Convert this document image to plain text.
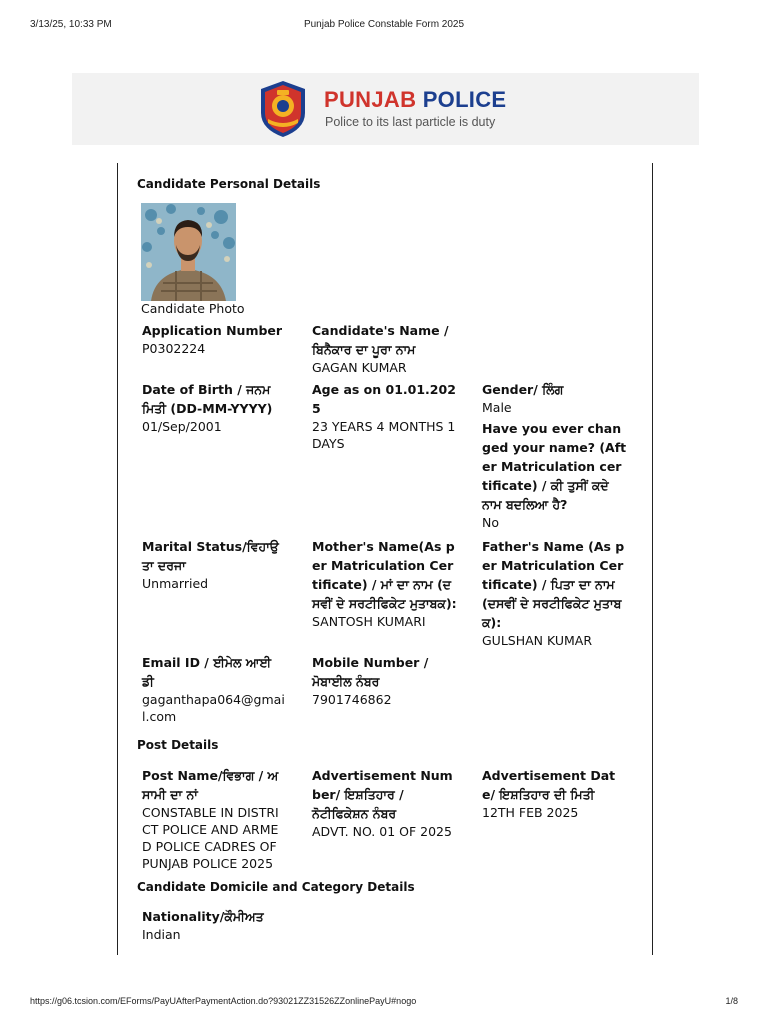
3/13/25, 10:33 PM	Punjab Police Constable Form 2025
PUNJAB POLICE
Police to its last particle is duty
Candidate Personal Details
Candidate Photo
Application Number
P0302224
Candidate's Name / ਬਿਨੈਕਾਰ ਦਾ ਪੂਰਾ ਨਾਮ
GAGAN KUMAR
Date of Birth / ਜਨਮ ਮਿਤੀ (DD-MM-YYYY)
01/Sep/2001
Age as on 01.01.2025
23 YEARS 4 MONTHS 1 DAYS
Gender/ ਲਿੰਗ
Male
Have you ever changed your name? (After Matriculation certificate) / ਕੀ ਤੁਸੀਂ ਕਦੇ ਨਾਮ ਬਦਲਿਆ ਹੈ?
No
Marital Status/ਵਿਹਾਉਤਾ ਦਰਜਾ
Unmarried
Mother's Name(As per Matriculation Certificate) / ਮਾਂ ਦਾ ਨਾਮ (ਦਸਵੀਂ ਦੇ ਸਰਟੀਫਿਕੇਟ ਮੁਤਾਬਕ):
SANTOSH KUMARI
Father's Name (As per Matriculation Certificate) / ਪਿਤਾ ਦਾ ਨਾਮ (ਦਸਵੀਂ ਦੇ ਸਰਟੀਫਿਕੇਟ ਮੁਤਾਬਕ):
GULSHAN KUMAR
Email ID / ਈਮੇਲ ਆਈ ਡੀ
gaganthapa064@gmail.com
Mobile Number / ਮੋਬਾਈਲ ਨੰਬਰ
7901746862
Post Details
Post Name/ਵਿਭਾਗ / ਅਸਾਮੀ ਦਾ ਨਾਂ
CONSTABLE IN DISTRICT POLICE AND ARMED POLICE CADRES OF PUNJAB POLICE 2025
Advertisement Number/ ਇਸ਼ਤਿਹਾਰ / ਨੋਟੀਫਿਕੇਸ਼ਨ ਨੰਬਰ
ADVT. NO. 01 OF 2025
Advertisement Date/ ਇਸ਼ਤਿਹਾਰ ਦੀ ਮਿਤੀ
12TH FEB 2025
Candidate Domicile and Category Details
Nationality/ਕੌਮੀਅਤ
Indian
https://g06.tcsion.com/EForms/PayUAfterPaymentAction.do?93021ZZ31526ZZonlinePayU#nogo	1/8
